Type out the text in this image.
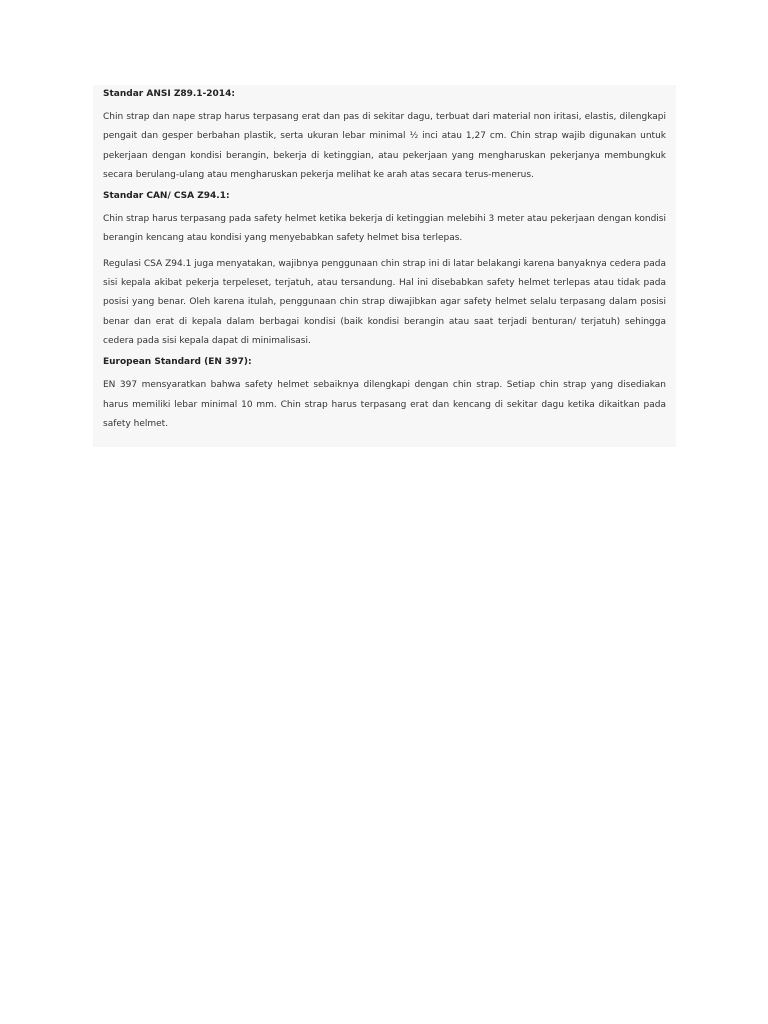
Standar ANSI Z89.1-2014:

Chin strap dan nape strap harus terpasang erat dan pas di sekitar dagu, terbuat dari material non iritasi, elastis, dilengkapi pengait dan gesper berbahan plastik, serta ukuran lebar minimal ½ inci atau 1,27 cm. Chin strap wajib digunakan untuk pekerjaan dengan kondisi berangin, bekerja di ketinggian, atau pekerjaan yang mengharuskan pekerjanya membungkuk secara berulang-ulang atau mengharuskan pekerja melihat ke arah atas secara terus-menerus.

Standar CAN/ CSA Z94.1:

Chin strap harus terpasang pada safety helmet ketika bekerja di ketinggian melebihi 3 meter atau pekerjaan dengan kondisi berangin kencang atau kondisi yang menyebabkan safety helmet bisa terlepas.

Regulasi CSA Z94.1 juga menyatakan, wajibnya penggunaan chin strap ini di latar belakangi karena banyaknya cedera pada sisi kepala akibat pekerja terpeleset, terjatuh, atau tersandung. Hal ini disebabkan safety helmet terlepas atau tidak pada posisi yang benar. Oleh karena itulah, penggunaan chin strap diwajibkan agar safety helmet selalu terpasang dalam posisi benar dan erat di kepala dalam berbagai kondisi (baik kondisi berangin atau saat terjadi benturan/ terjatuh) sehingga cedera pada sisi kepala dapat di minimalisasi.

European Standard (EN 397):

EN 397 mensyaratkan bahwa safety helmet sebaiknya dilengkapi dengan chin strap. Setiap chin strap yang disediakan harus memiliki lebar minimal 10 mm. Chin strap harus terpasang erat dan kencang di sekitar dagu ketika dikaitkan pada safety helmet.
